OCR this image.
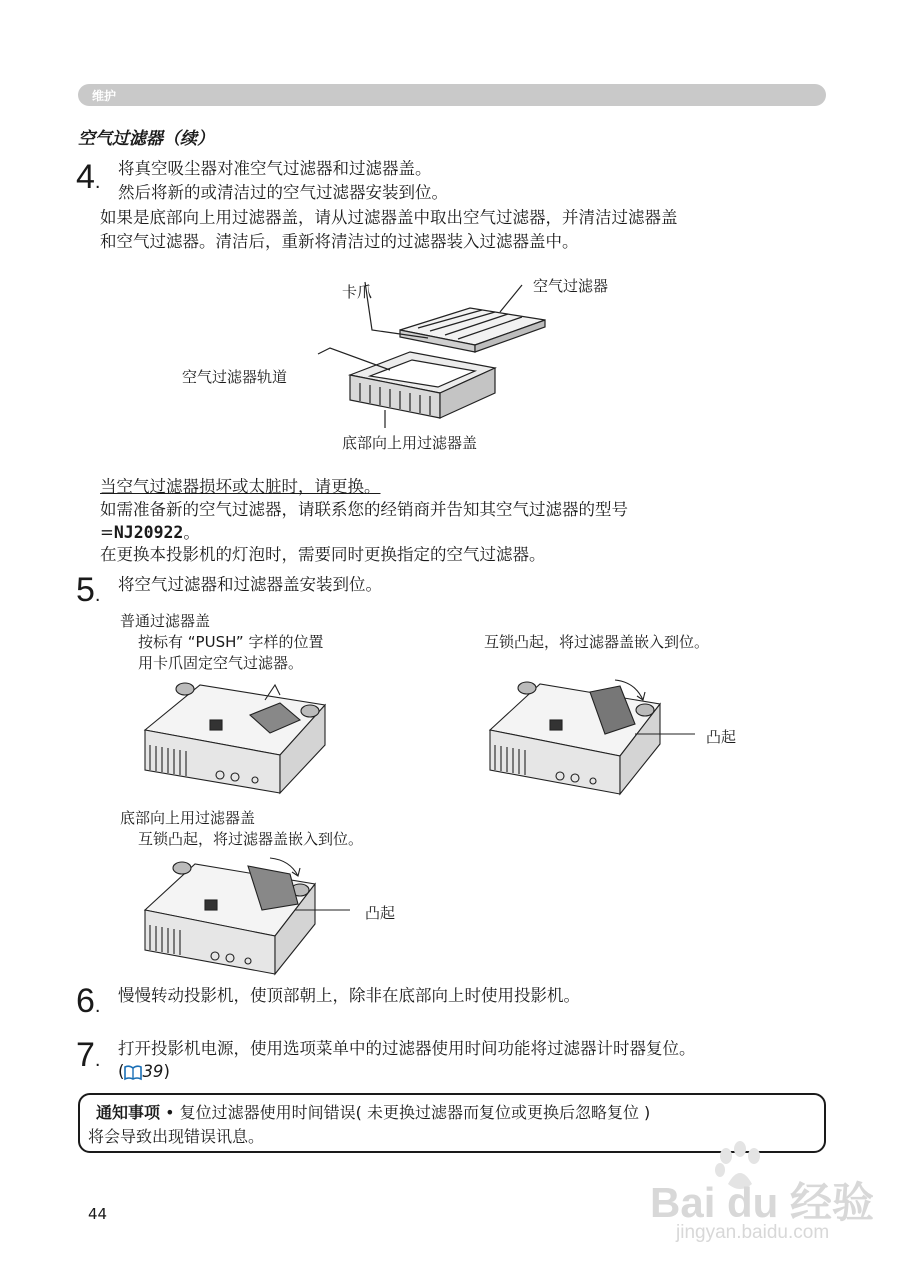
维护
空气过滤器（续）
4.
将真空吸尘器对准空气过滤器和过滤器盖。
然后将新的或清洁过的空气过滤器安装到位。
如果是底部向上用过滤器盖，请从过滤器盖中取出空气过滤器，并清洁过滤器盖
和空气过滤器。清洁后，重新将清洁过的过滤器装入过滤器盖中。
卡爪	空气过滤器
空气过滤器轨道
底部向上用过滤器盖
当空气过滤器损坏或太脏时，请更换。
如需准备新的空气过滤器，请联系您的经销商并告知其空气过滤器的型号
=NJ20922。
在更换本投影机的灯泡时，需要同时更换指定的空气过滤器。
5. 将空气过滤器和过滤器盖安装到位。
普通过滤器盖
按标有 “PUSH” 字样的位置
用卡爪固定空气过滤器。
互锁凸起，将过滤器盖嵌入到位。
凸起
底部向上用过滤器盖
互锁凸起，将过滤器盖嵌入到位。
凸起
6. 慢慢转动投影机，使顶部朝上，除非在底部向上时使用投影机。
7.
打开投影机电源，使用选项菜单中的过滤器使用时间功能将过滤器计时器复位。
( 39)
通知事项 • 复位过滤器使用时间错误( 未更换过滤器而复位或更换后忽略复位 )
将会导致出现错误讯息。
44	Bai du 经验
jingyan.baidu.com
